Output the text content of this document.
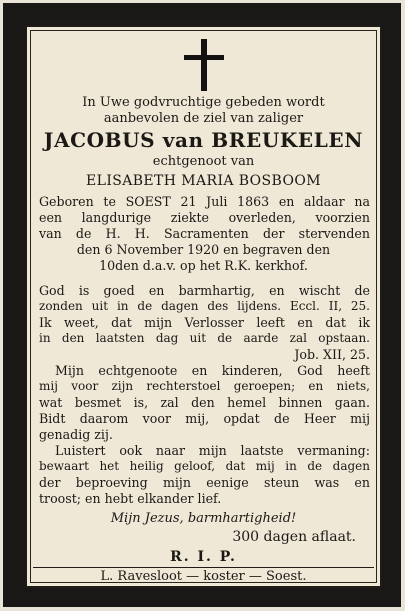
In Uwe godvruchtige gebeden wordt
aanbevolen de ziel van zaliger
JACOBUS van BREUKELEN
echtgenoot van
ELISABETH MARIA BOSBOOM
Geboren te SOEST 21 Juli 1863 en aldaar na
een langdurige ziekte overleden, voorzien
van de H. H. Sacramenten der stervenden
den 6 November 1920 en begraven den
10den d.a.v. op het R.K. kerkhof.
God is goed en barmhartig, en wischt de
zonden uit in de dagen des lijdens. Eccl. II, 25.
Ik weet, dat mijn Verlosser leeft en dat ik
in den laatsten dag uit de aarde zal opstaan.
Job. XII, 25.
Mijn echtgenoote en kinderen, God heeft
mij voor zijn rechterstoel geroepen; en niets,
wat besmet is, zal den hemel binnen gaan.
Bidt daarom voor mij, opdat de Heer mij
genadig zij.
Luistert ook naar mijn laatste vermaning:
bewaart het heilig geloof, dat mij in de dagen
der beproeving mijn eenige steun was en
troost; en hebt elkander lief.
Mijn Jezus, barmhartigheid!
300 dagen aflaat.
R. I. P.
L. Ravesloot — koster — Soest.
